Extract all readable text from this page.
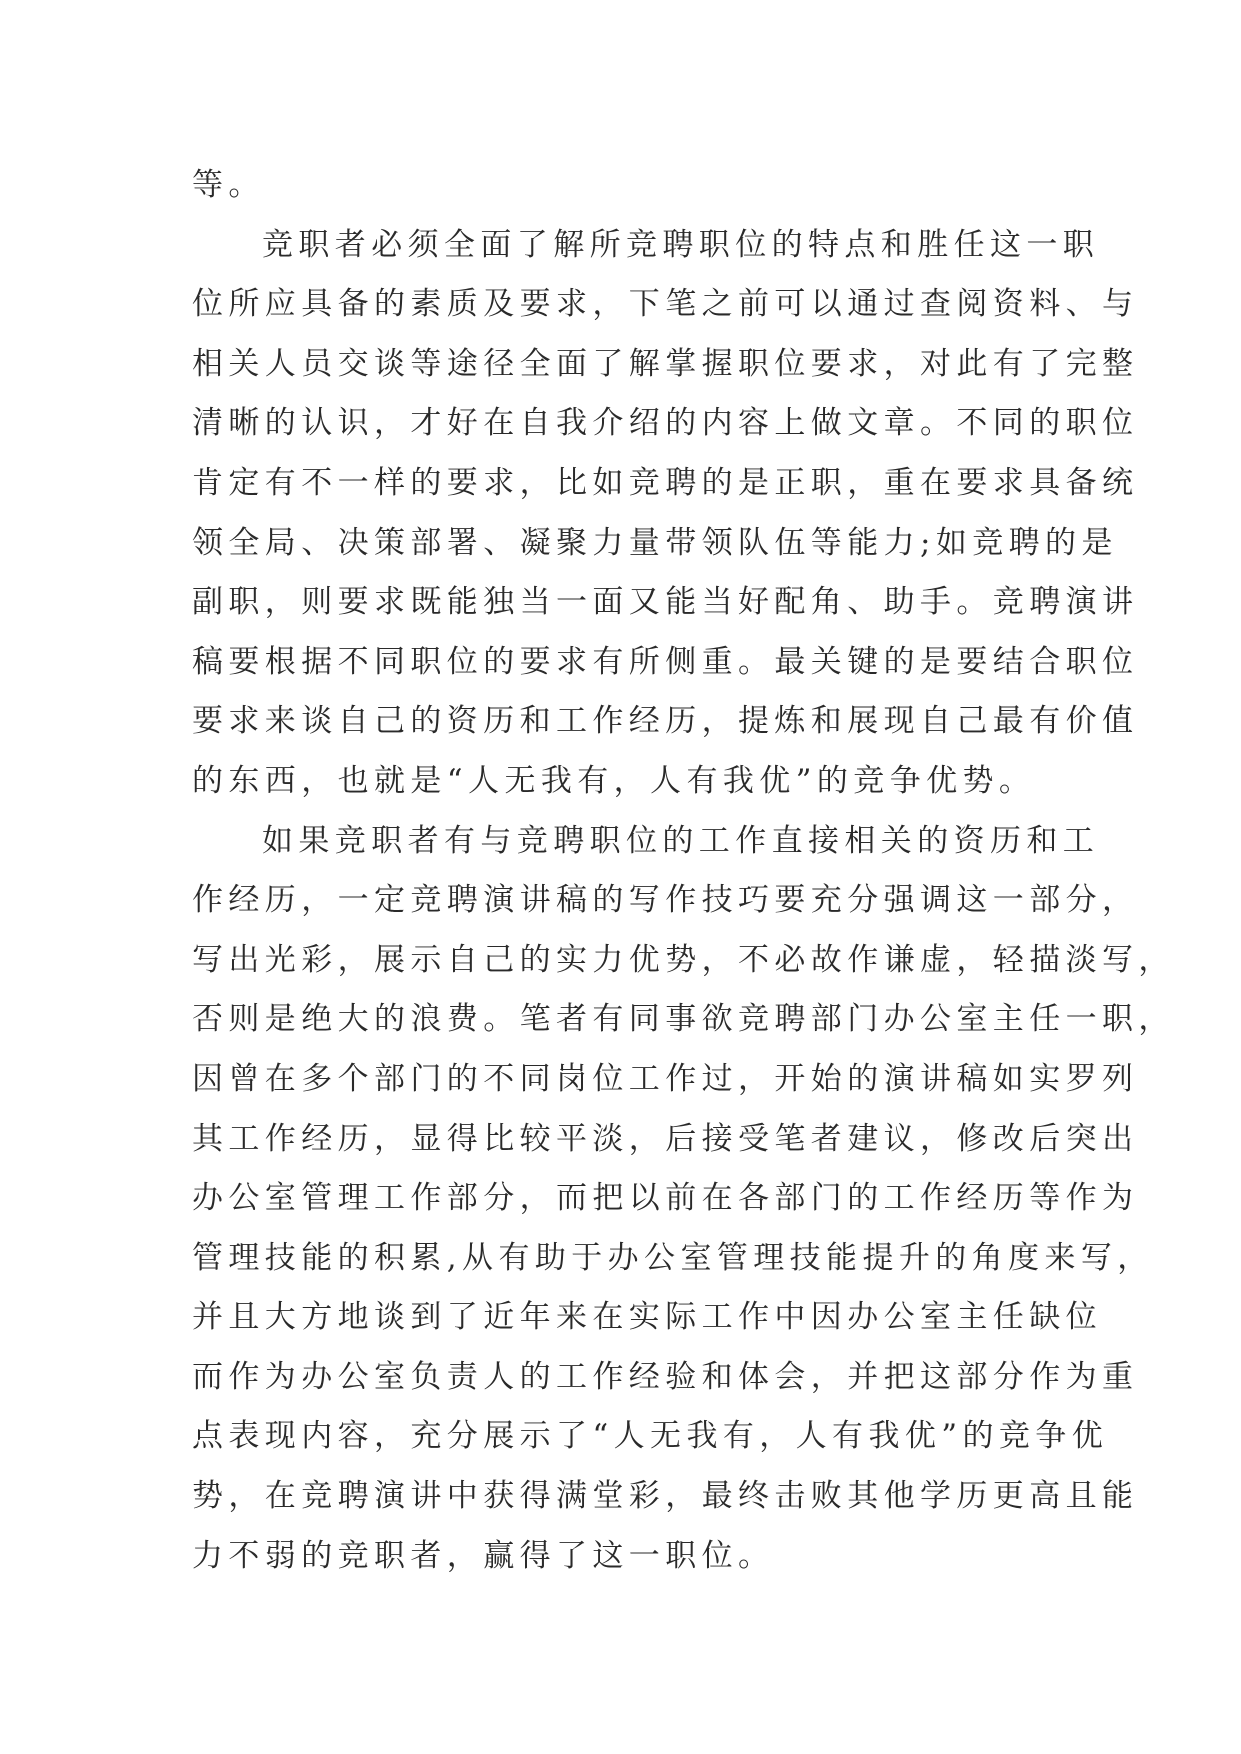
等。
竞职者必须全面了解所竞聘职位的特点和胜任这一职
位所应具备的素质及要求，下笔之前可以通过查阅资料、与
相关人员交谈等途径全面了解掌握职位要求，对此有了完整
清晰的认识，才好在自我介绍的内容上做文章。不同的职位
肯定有不一样的要求，比如竞聘的是正职，重在要求具备统
领全局、决策部署、凝聚力量带领队伍等能力;如竞聘的是
副职，则要求既能独当一面又能当好配角、助手。竞聘演讲
稿要根据不同职位的要求有所侧重。最关键的是要结合职位
要求来谈自己的资历和工作经历，提炼和展现自己最有价值
的东西，也就是“人无我有，人有我优”的竞争优势。
如果竞职者有与竞聘职位的工作直接相关的资历和工
作经历，一定竞聘演讲稿的写作技巧要充分强调这一部分，
写出光彩，展示自己的实力优势，不必故作谦虚，轻描淡写，
否则是绝大的浪费。笔者有同事欲竞聘部门办公室主任一职，
因曾在多个部门的不同岗位工作过，开始的演讲稿如实罗列
其工作经历，显得比较平淡，后接受笔者建议，修改后突出
办公室管理工作部分，而把以前在各部门的工作经历等作为
管理技能的积累,从有助于办公室管理技能提升的角度来写，
并且大方地谈到了近年来在实际工作中因办公室主任缺位
而作为办公室负责人的工作经验和体会，并把这部分作为重
点表现内容，充分展示了“人无我有，人有我优”的竞争优
势，在竞聘演讲中获得满堂彩，最终击败其他学历更高且能
力不弱的竞职者，赢得了这一职位。
